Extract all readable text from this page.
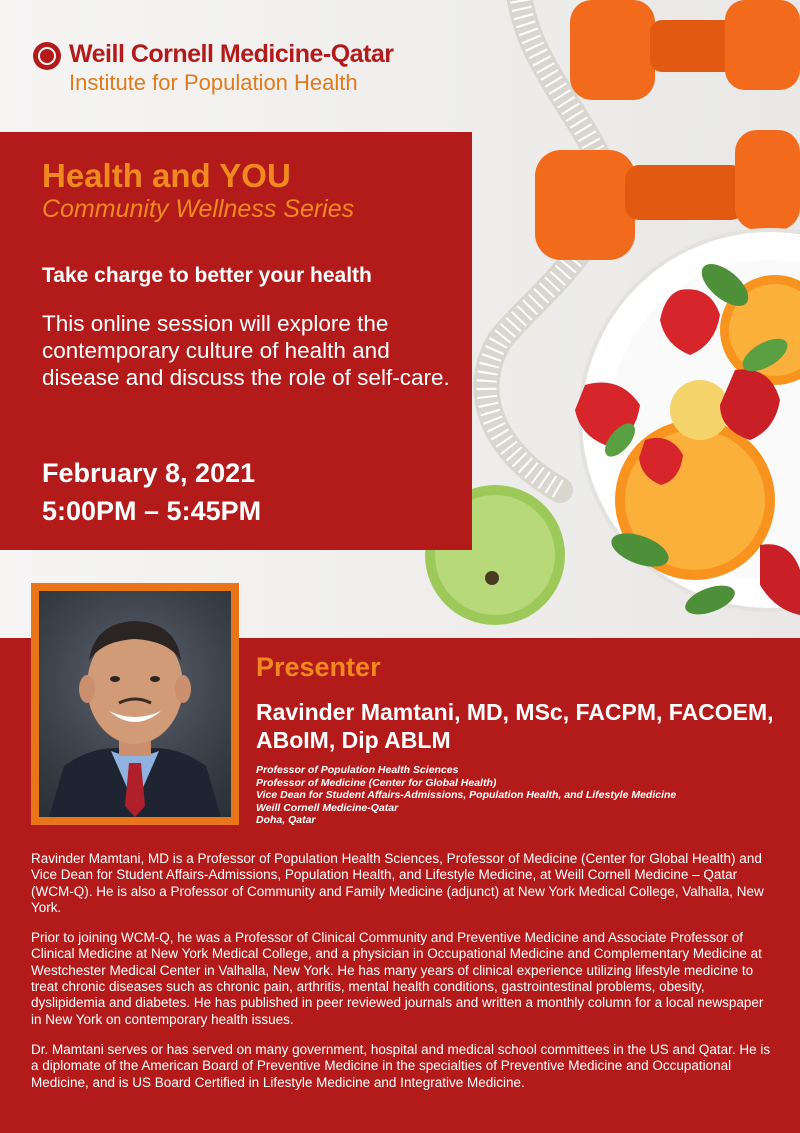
Weill Cornell Medicine-Qatar
Institute for Population Health
Health and YOU
Community Wellness Series
Take charge to better your health
This online session will explore the contemporary culture of health and disease and discuss the role of self-care.
February 8, 2021
5:00PM – 5:45PM
Presenter
Ravinder Mamtani, MD, MSc, FACPM, FACOEM, ABoIM, Dip ABLM
Professor of Population Health Sciences
Professor of Medicine (Center for Global Health)
Vice Dean for Student Affairs-Admissions, Population Health, and Lifestyle Medicine
Weill Cornell Medicine-Qatar
Doha, Qatar

Ravinder Mamtani, MD is a Professor of Population Health Sciences, Professor of Medicine (Center for Global Health) and Vice Dean for Student Affairs-Admissions, Population Health, and Lifestyle Medicine, at Weill Cornell Medicine – Qatar (WCM-Q). He is also a Professor of Community and Family Medicine (adjunct) at New York Medical College, Valhalla, New York.

Prior to joining WCM-Q, he was a Professor of Clinical Community and Preventive Medicine and Associate Professor of Clinical Medicine at New York Medical College, and a physician in Occupational Medicine and Complementary Medicine at Westchester Medical Center in Valhalla, New York. He has many years of clinical experience utilizing lifestyle medicine to treat chronic diseases such as chronic pain, arthritis, mental health conditions, gastrointestinal problems, obesity, dyslipidemia and diabetes. He has published in peer reviewed journals and written a monthly column for a local newspaper in New York on contemporary health issues.

Dr. Mamtani serves or has served on many government, hospital and medical school committees in the US and Qatar. He is a diplomate of the American Board of Preventive Medicine in the specialties of Preventive Medicine and Occupational Medicine, and is US Board Certified in Lifestyle Medicine and Integrative Medicine.
